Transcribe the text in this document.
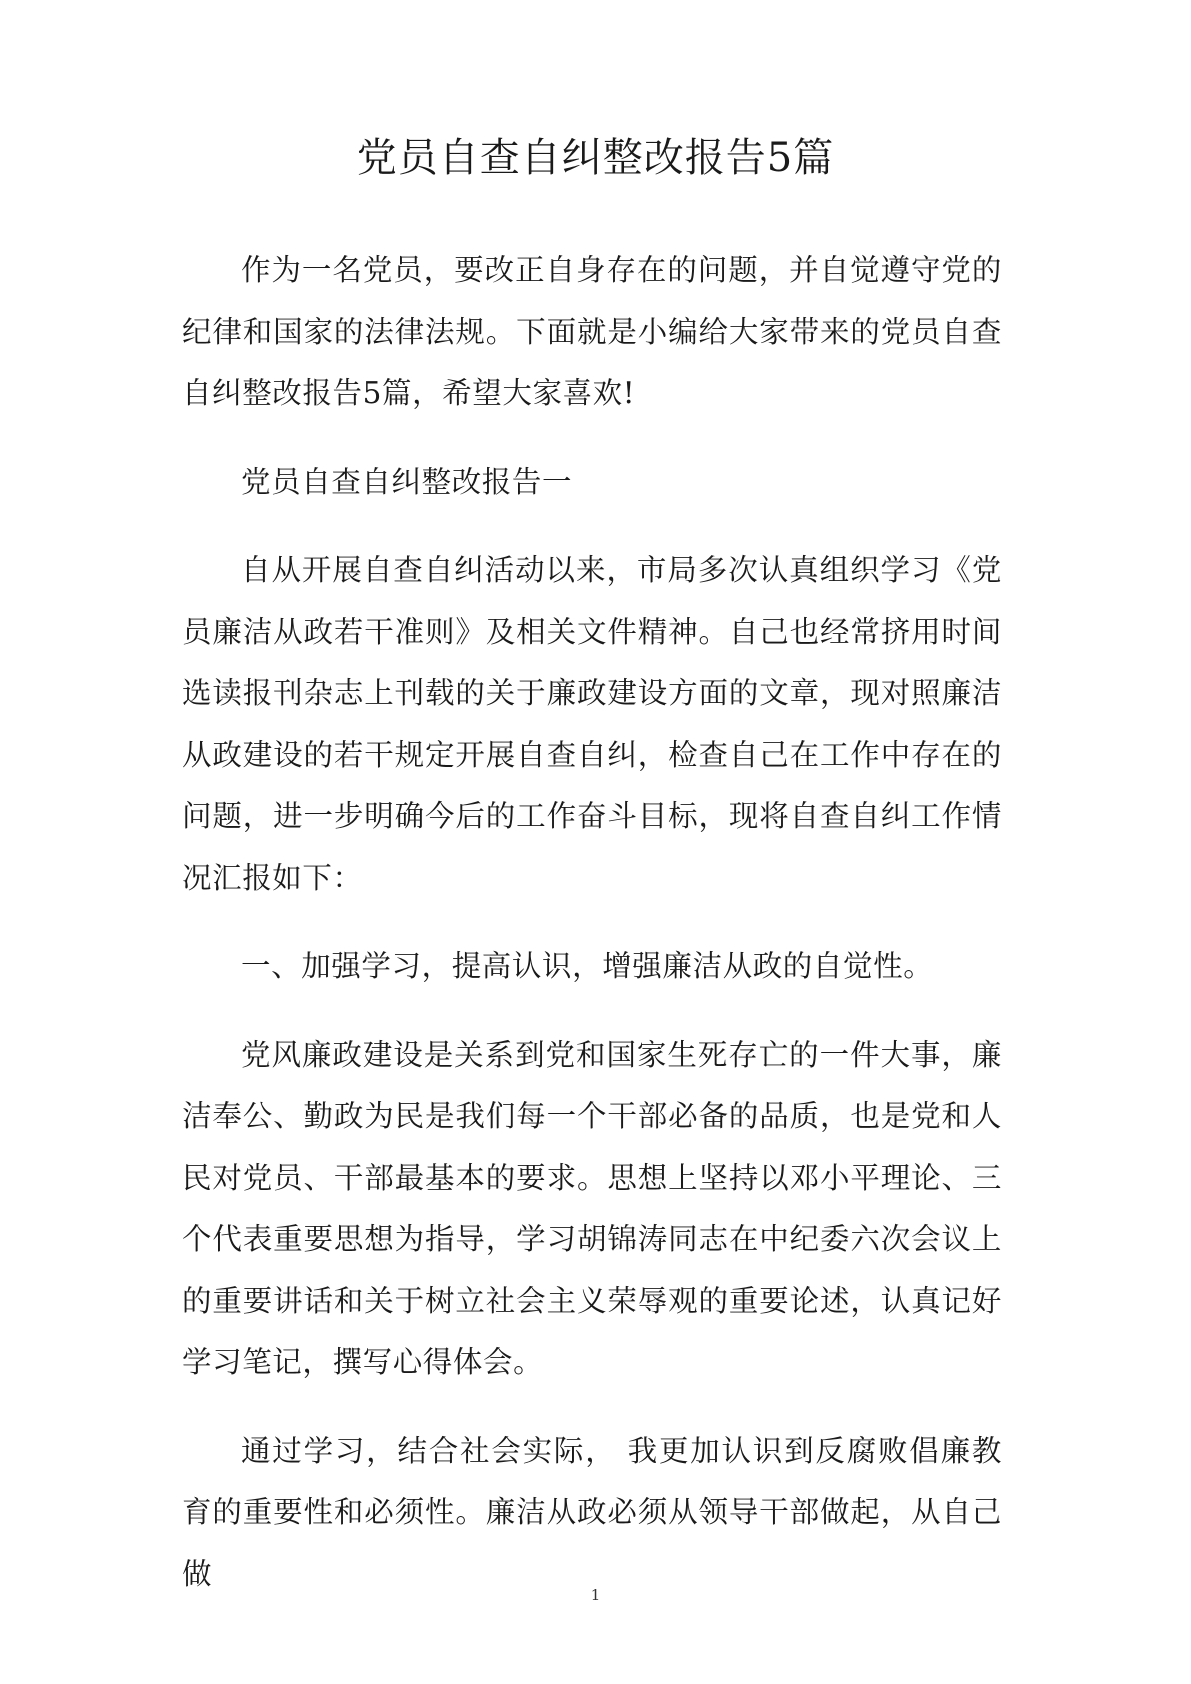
党员自查自纠整改报告5篇

作为一名党员，要改正自身存在的问题，并自觉遵守党的纪律和国家的法律法规。下面就是小编给大家带来的党员自查自纠整改报告5篇，希望大家喜欢!

党员自查自纠整改报告一

自从开展自查自纠活动以来，市局多次认真组织学习《党员廉洁从政若干准则》及相关文件精神。自己也经常挤用时间选读报刊杂志上刊载的关于廉政建设方面的文章，现对照廉洁从政建设的若干规定开展自查自纠，检查自己在工作中存在的问题，进一步明确今后的工作奋斗目标，现将自查自纠工作情况汇报如下：

一、加强学习，提高认识，增强廉洁从政的自觉性。

党风廉政建设是关系到党和国家生死存亡的一件大事，廉洁奉公、勤政为民是我们每一个干部必备的品质，也是党和人民对党员、干部最基本的要求。思想上坚持以邓小平理论、三个代表重要思想为指导，学习胡锦涛同志在中纪委六次会议上的重要讲话和关于树立社会主义荣辱观的重要论述，认真记好学习笔记，撰写心得体会。

通过学习，结合社会实际， 我更加认识到反腐败倡廉教育的重要性和必须性。廉洁从政必须从领导干部做起，从自己做

1
